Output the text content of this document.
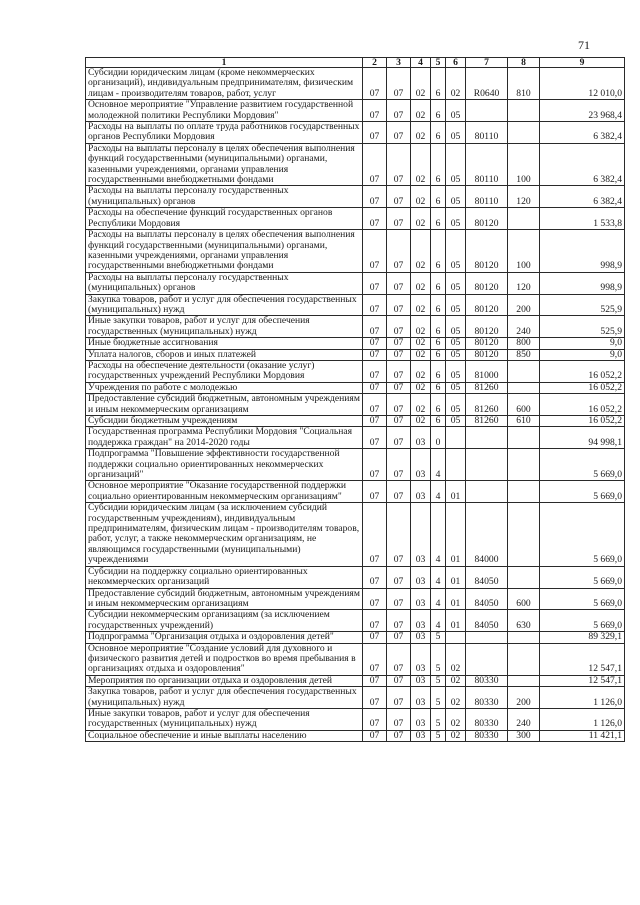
71
1	2	3	4	5	6	7	8	9
Субсидии юридическим лицам (кроме некоммерческих организаций), индивидуальным предпринимателям, физическим лицам - производителям товаров, работ, услуг	07	07	02	6	02	R0640	810	12 010,0
Основное мероприятие "Управление развитием государственной молодежной политики Республики Мордовия"	07	07	02	6	05			23 968,4
Расходы на выплаты по оплате труда работников государственных органов Республики Мордовия	07	07	02	6	05	80110		6 382,4
Расходы на выплаты персоналу в целях обеспечения выполнения функций государственными (муниципальными) органами, казенными учреждениями, органами управления государственными внебюджетными фондами	07	07	02	6	05	80110	100	6 382,4
Расходы на выплаты персоналу государственных (муниципальных) органов	07	07	02	6	05	80110	120	6 382,4
Расходы на обеспечение функций государственных органов Республики Мордовия	07	07	02	6	05	80120		1 533,8
Расходы на выплаты персоналу в целях обеспечения выполнения функций государственными (муниципальными) органами, казенными учреждениями, органами управления государственными внебюджетными фондами	07	07	02	6	05	80120	100	998,9
Расходы на выплаты персоналу государственных (муниципальных) органов	07	07	02	6	05	80120	120	998,9
Закупка товаров, работ и услуг для обеспечения государственных (муниципальных) нужд	07	07	02	6	05	80120	200	525,9
Иные закупки товаров, работ и услуг для обеспечения государственных (муниципальных) нужд	07	07	02	6	05	80120	240	525,9
Иные бюджетные ассигнования	07	07	02	6	05	80120	800	9,0
Уплата налогов, сборов и иных платежей	07	07	02	6	05	80120	850	9,0
Расходы на обеспечение деятельности (оказание услуг) государственных учреждений Республики Мордовия	07	07	02	6	05	81000		16 052,2
Учреждения по работе с молодежью	07	07	02	6	05	81260		16 052,2
Предоставление субсидий бюджетным, автономным учреждениям и иным некоммерческим организациям	07	07	02	6	05	81260	600	16 052,2
Субсидии бюджетным учреждениям	07	07	02	6	05	81260	610	16 052,2
Государственная программа Республики Мордовия "Социальная поддержка граждан" на 2014-2020 годы	07	07	03	0				94 998,1
Подпрограмма "Повышение эффективности государственной поддержки социально ориентированных некоммерческих организаций"	07	07	03	4				5 669,0
Основное мероприятие "Оказание государственной поддержки социально ориентированным некоммерческим организациям"	07	07	03	4	01			5 669,0
Субсидии юридическим лицам (за исключением субсидий государственным учреждениям), индивидуальным предпринимателям, физическим лицам - производителям товаров, работ, услуг, а также некоммерческим организациям, не являющимся государственными (муниципальными) учреждениями	07	07	03	4	01	84000		5 669,0
Субсидии на поддержку социально ориентированных некоммерческих организаций	07	07	03	4	01	84050		5 669,0
Предоставление субсидий бюджетным, автономным учреждениям и иным некоммерческим организациям	07	07	03	4	01	84050	600	5 669,0
Субсидии некоммерческим организациям (за исключением государственных учреждений)	07	07	03	4	01	84050	630	5 669,0
Подпрограмма "Организация отдыха и оздоровления детей"	07	07	03	5				89 329,1
Основное мероприятие "Создание условий для духовного и физического развития детей и подростков во время пребывания в организациях отдыха и оздоровления"	07	07	03	5	02			12 547,1
Мероприятия по организации отдыха и оздоровления детей	07	07	03	5	02	80330		12 547,1
Закупка товаров, работ и услуг для обеспечения государственных (муниципальных) нужд	07	07	03	5	02	80330	200	1 126,0
Иные закупки товаров, работ и услуг для обеспечения государственных (муниципальных) нужд	07	07	03	5	02	80330	240	1 126,0
Социальное обеспечение и иные выплаты населению	07	07	03	5	02	80330	300	11 421,1
